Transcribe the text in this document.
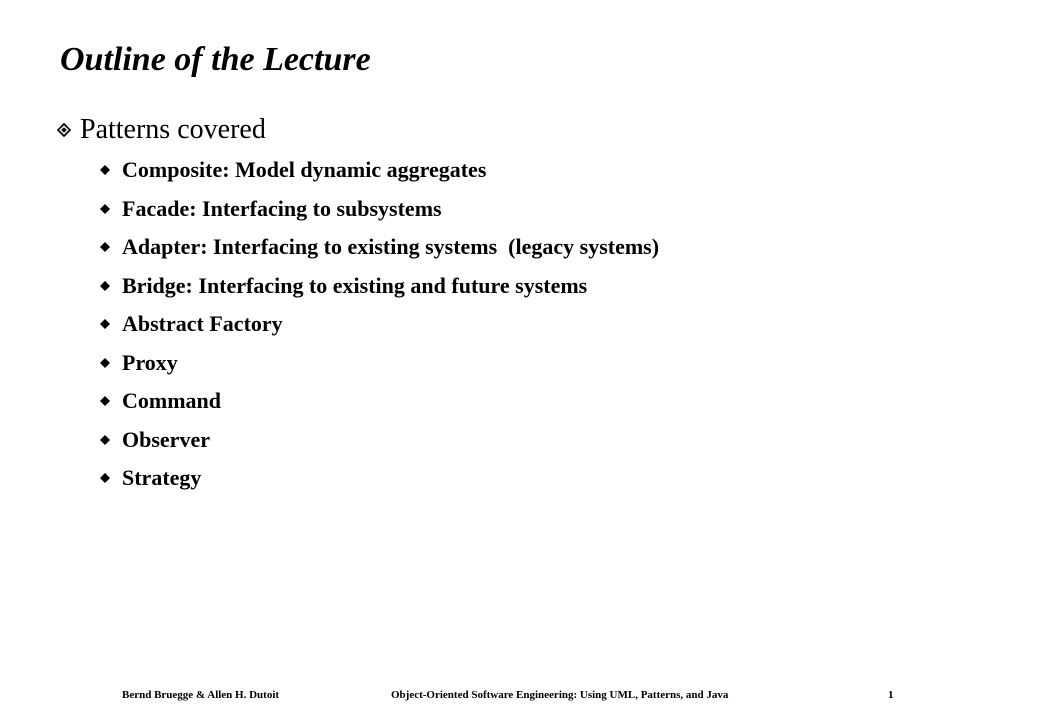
Outline of the Lecture
Patterns covered
Composite: Model dynamic aggregates
Facade: Interfacing to subsystems
Adapter: Interfacing to existing systems  (legacy systems)
Bridge: Interfacing to existing and future systems
Abstract Factory
Proxy
Command
Observer
Strategy
Bernd Bruegge & Allen H. Dutoit	Object-Oriented Software Engineering: Using UML, Patterns, and Java	1
